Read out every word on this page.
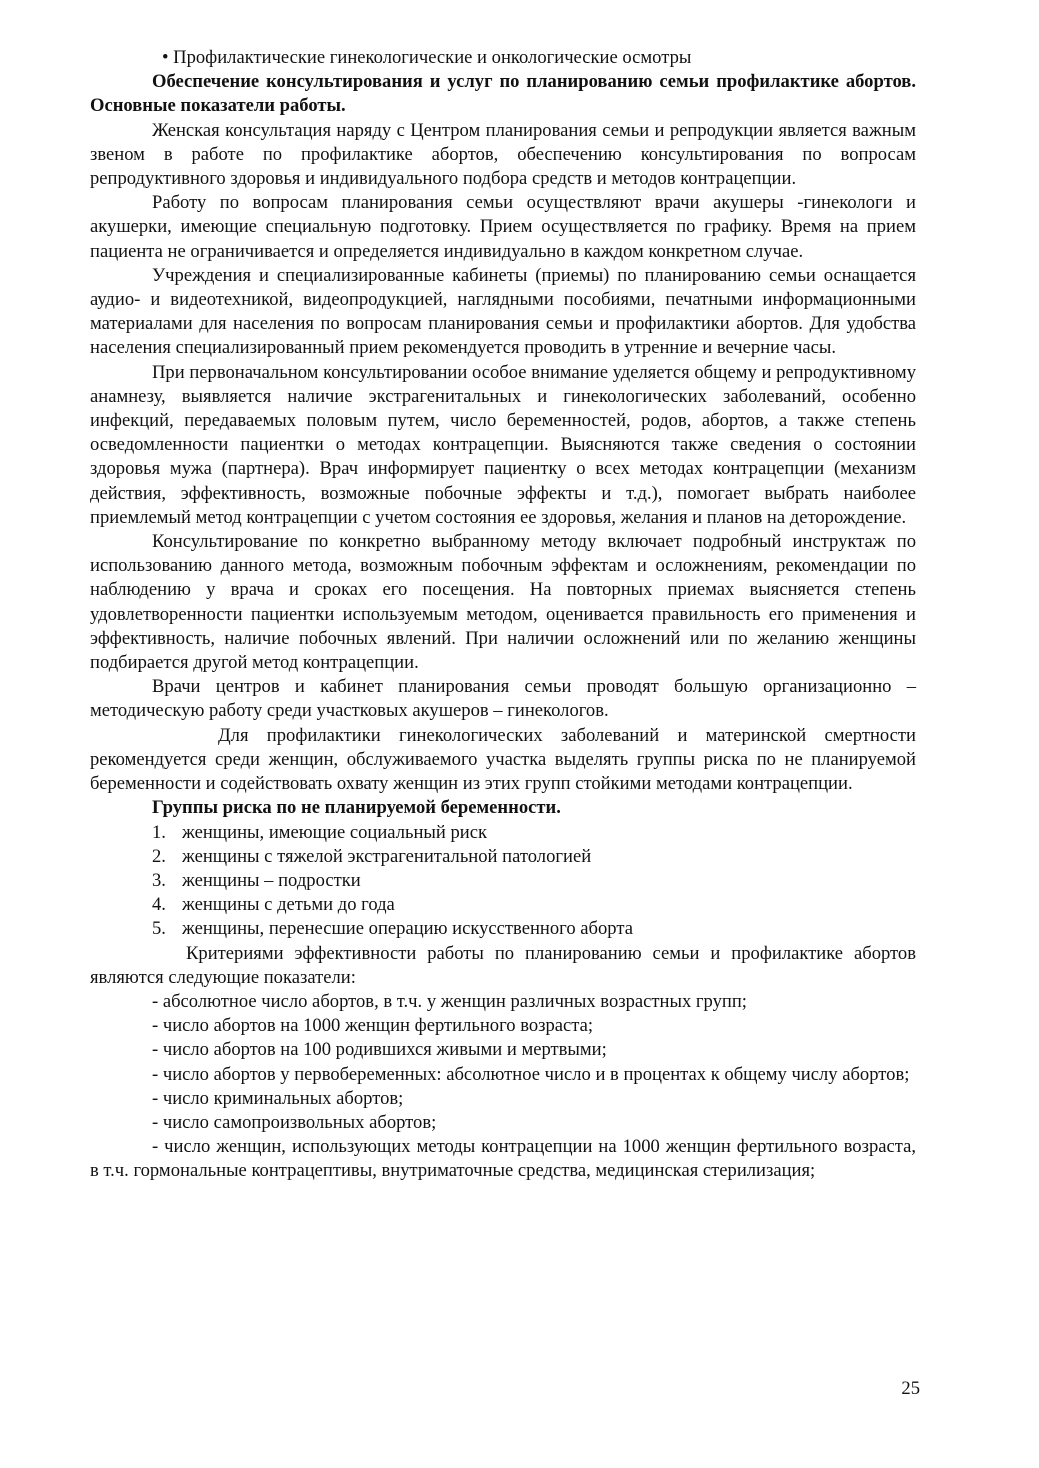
• Профилактические гинекологические и онкологические осмотры

Обеспечение консультирования и услуг по планированию семьи профилактике абортов. Основные показатели работы.

Женская консультация наряду с Центром планирования семьи и репродукции является важным звеном в работе по профилактике абортов, обеспечению консультирования по вопросам репродуктивного здоровья и индивидуального подбора средств и методов контрацепции.

Работу по вопросам планирования семьи осуществляют врачи акушеры -гинекологи и акушерки, имеющие специальную подготовку. Прием осуществляется по графику. Время на прием пациента не ограничивается и определяется индивидуально в каждом конкретном случае.

Учреждения и специализированные кабинеты (приемы) по планированию семьи оснащается аудио- и видеотехникой, видеопродукцией, наглядными пособиями, печатными информационными материалами для населения по вопросам планирования семьи и профилактики абортов. Для удобства населения специализированный прием рекомендуется проводить в утренние и вечерние часы.

При первоначальном консультировании особое внимание уделяется общему и репродуктивному анамнезу, выявляется наличие экстрагенитальных и гинекологических заболеваний, особенно инфекций, передаваемых половым путем, число беременностей, родов, абортов, а также степень осведомленности пациентки о методах контрацепции. Выясняются также сведения о состоянии здоровья мужа (партнера). Врач информирует пациентку о всех методах контрацепции (механизм действия, эффективность, возможные побочные эффекты и т.д.), помогает выбрать наиболее приемлемый метод контрацепции с учетом состояния ее здоровья, желания и планов на деторождение.

Консультирование по конкретно выбранному методу включает подробный инструктаж по использованию данного метода, возможным побочным эффектам и осложнениям, рекомендации по наблюдению у врача и сроках его посещения. На повторных приемах выясняется степень удовлетворенности пациентки используемым методом, оценивается правильность его применения и эффективность, наличие побочных явлений. При наличии осложнений или по желанию женщины подбирается другой метод контрацепции.

Врачи центров и кабинет планирования семьи проводят большую организационно – методическую работу среди участковых акушеров – гинекологов.

Для профилактики гинекологических заболеваний и материнской смертности рекомендуется среди женщин, обслуживаемого участка выделять группы риска по не планируемой беременности и содействовать охвату женщин из этих групп стойкими методами контрацепции.

Группы риска по не планируемой беременности.

1. женщины, имеющие социальный риск
2. женщины с тяжелой экстрагенитальной патологией
3. женщины – подростки
4. женщины с детьми до года
5. женщины, перенесшие операцию искусственного аборта

Критериями эффективности работы по планированию семьи и профилактике абортов являются следующие показатели:

- абсолютное число абортов, в т.ч. у женщин различных возрастных групп;

- число абортов на 1000 женщин фертильного возраста;

- число абортов на 100 родившихся живыми и мертвыми;

- число абортов у первобеременных: абсолютное число и в процентах к общему числу абортов;

- число криминальных абортов;

- число самопроизвольных абортов;

- число женщин, использующих методы контрацепции на 1000 женщин фертильного возраста, в т.ч. гормональные контрацептивы, внутриматочные средства, медицинская стерилизация;

25
